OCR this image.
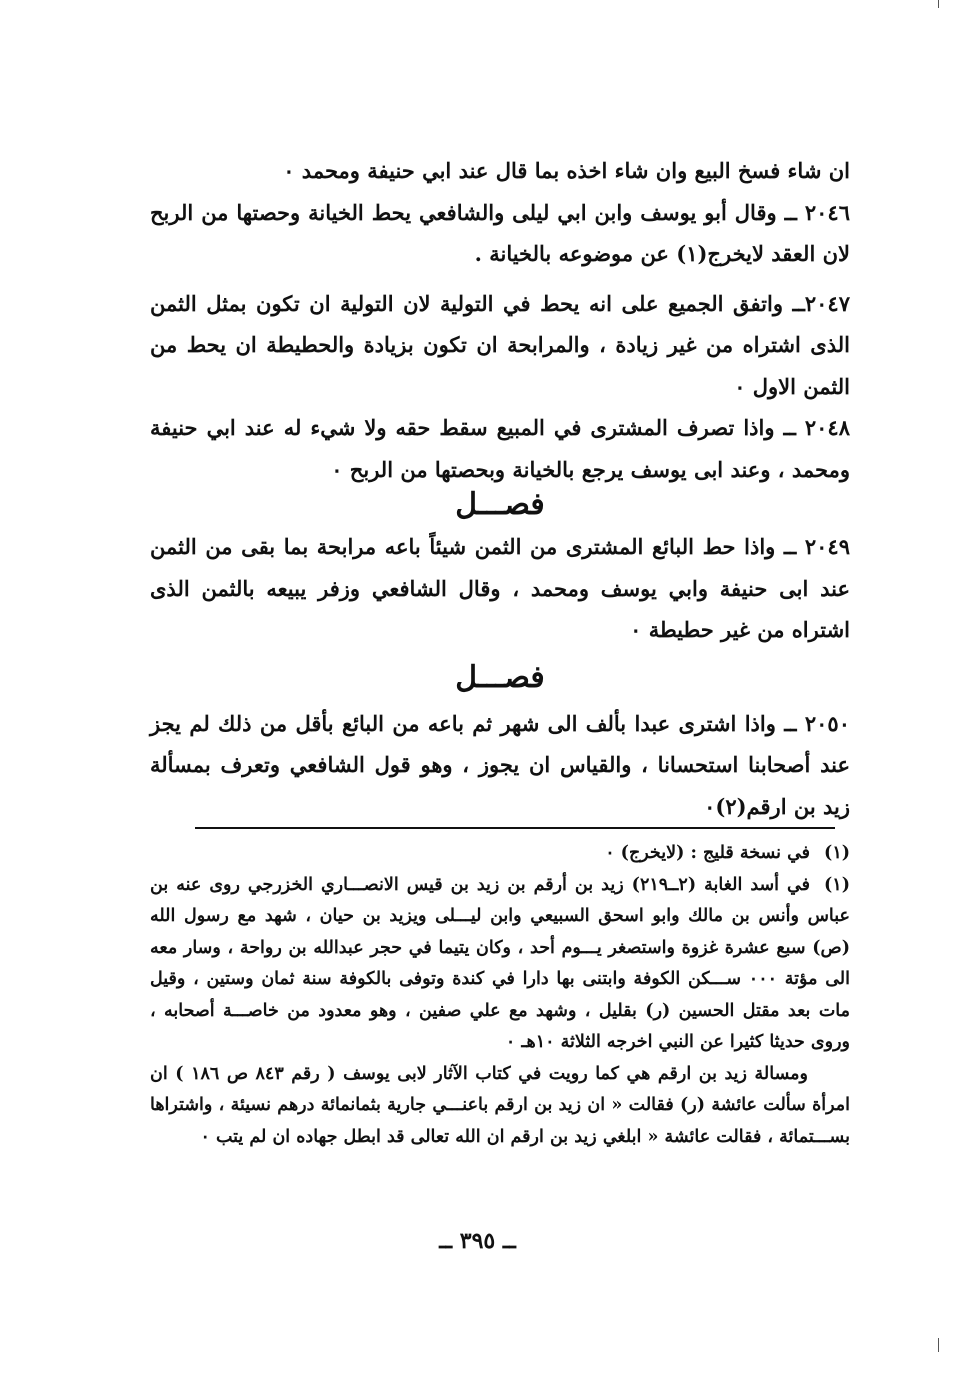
ان شاء فسخ البيع وان شاء اخذه بما قال عند ابي حنيفة ومحمد ٠

٢٠٤٦ ــ وقال أبو يوسف وابن ابي ليلى والشافعي يحط الخيانة وحصتها من الربح لان العقد لايخرج(١) عن موضوعه بالخيانة .

٢٠٤٧ــ واتفق الجميع على انه يحط في التولية لان التولية ان تكون بمثل الثمن الذى اشتراه من غير زيادة ، والمرابحة ان تكون بزيادة والحطيطة ان يحط من الثمن الاول ٠

٢٠٤٨ ــ واذا تصرف المشترى في المبيع سقط حقه ولا شيء له عند ابي حنيفة ومحمد ، وعند ابى يوسف يرجع بالخيانة وبحصتها من الربح ٠

فصـــل

٢٠٤٩ ــ واذا حط البائع المشترى من الثمن شيئاً باعه مرابحة بما بقى من الثمن عند ابى حنيفة وابي يوسف ومحمد ، وقال الشافعي وزفر يبيعه بالثمن الذى اشتراه من غير حطيطة ٠

فصـــل

٢٠٥٠ ــ واذا اشترى عبدا بألف الى شهر ثم باعه من البائع بأقل من ذلك لم يجز عند أصحابنا استحسانا ، والقياس ان يجوز ، وهو قول الشافعي وتعرف بمسألة زيد بن ارقم(٢)٠

(١)في نسخة قليج : (لايخرج) ٠

(١)في أسد الغابة (٢ــ٢١٩) زيد بن أرقم بن زيد بن قيس الانصـــاري الخزرجي روى عنه بن عباس وأنس بن مالك وابو اسحق السبيعي وابن ليـــلى ويزيد بن حيان ، شهد مع رسول الله (ص) سبع عشرة غزوة واستصغر يـــوم أحد ، وكان يتيما في حجر عبدالله بن رواحة ، وسار معه الى مؤتة ٠٠٠ ســـكن الكوفة وابتنى بها دارا في كندة وتوفى بالكوفة سنة ثمان وستين ، وقيل مات بعد مقتل الحسين (ر) بقليل ، وشهد مع علي صفين ، وهو معدود من خاصـــة أصحابه ، وروى حديثا كثيرا عن النبي اخرجه الثلاثة ١٠هـ ٠

ومسالة زيد بن ارقم هي كما رويت في كتاب الآثار لابى يوسف ( رقم ٨٤٣ ص ١٨٦ ) ان امرأة سألت عائشة (ر) فقالت « ان زيد بن ارقم باعنـــي جارية بثمانمائة درهم نسيئة ، واشتراها بســـتمائة ، فقالت عائشة « ابلغي زيد بن ارقم ان الله تعالى قد ابطل جهاده ان لم يتب ٠

ــ ٣٩٥ ــ
